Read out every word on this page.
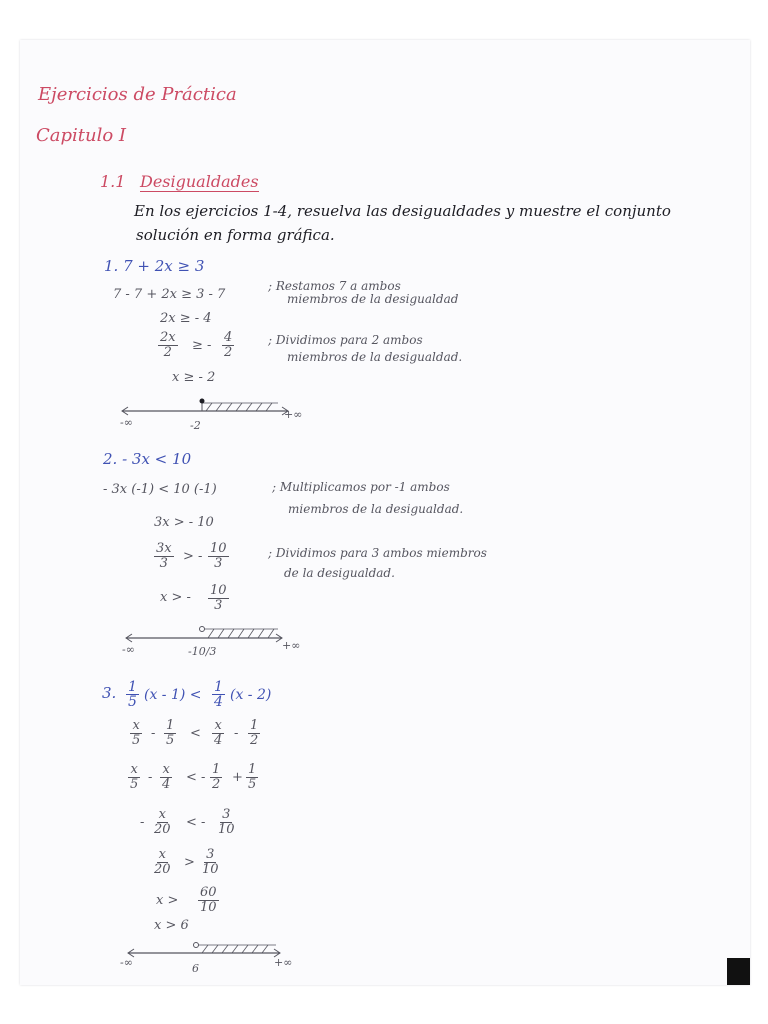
Ejercicios de Práctica
Capitulo I
1.1 Desigualdades
En los ejercicios 1-4, resuelva las desigualdades y muestre el conjunto
solución en forma gráfica.
1. 7 + 2x ≥ 3
7 - 7 + 2x ≥ 3 - 7
; Restamos 7 a ambos
miembros de la desigualdad
2x ≥ - 4
$\frac{2x}{2}$ ≥ - $\frac{4}{2}$	; Dividimos para 2 ambos
miembros de la desigualdad.
x ≥ - 2
-∞	-2
+∞
2. - 3x < 10
- 3x (-1) < 10 (-1)	; Multiplicamos por -1 ambos
miembros de la desigualdad.
3x > - 10
$\frac{3x}{3}$ > - $\frac{10}{3}$	; Dividimos para 3 ambos miembros
de la desigualdad.
x > - $\frac{10}{3}$
-∞	-10/3	+∞
3. $\frac{1}{5} (x - 1) < \frac{1}{4} (x - 2)$
$\frac{x}{5} - \frac{1}{5} < \frac{x}{4} - \frac{1}{2}$
$\frac{x}{5} - \frac{x}{4}$ < - $\frac{1}{2} + \frac{1}{5}$
- $\frac{x}{20}$ < - $\frac{3}{10}$
$\frac{x}{20} > \frac{3}{10}$
$x > \frac{60}{10}$
x > 6
-∞	6	+∞
